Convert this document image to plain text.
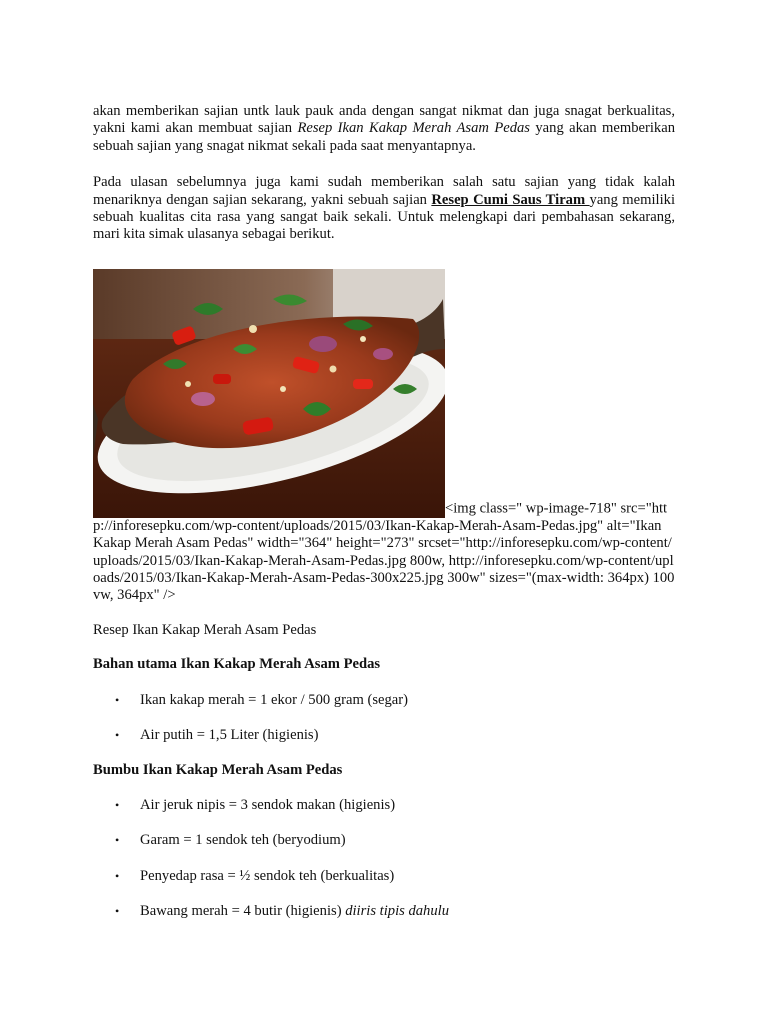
akan memberikan sajian untk lauk pauk anda dengan sangat nikmat dan juga snagat berkualitas, yakni kami akan membuat sajian Resep Ikan Kakap Merah Asam Pedas yang akan memberikan sebuah sajian yang snagat nikmat sekali pada saat menyantapnya.

Pada ulasan sebelumnya juga kami sudah memberikan salah satu sajian yang tidak kalah menariknya dengan sajian sekarang, yakni sebuah sajian Resep Cumi Saus Tiram yang memiliki sebuah kualitas cita rasa yang sangat baik sekali. Untuk melengkapi dari pembahasan sekarang, mari kita simak ulasanya sebagai berikut.

<img class=" wp-image-718" src="http://inforesepku.com/wp-content/uploads/2015/03/Ikan-Kakap-Merah-Asam-Pedas.jpg" alt="Ikan Kakap Merah Asam Pedas" width="364" height="273" srcset="http://inforesepku.com/wp-content/uploads/2015/03/Ikan-Kakap-Merah-Asam-Pedas.jpg 800w, http://inforesepku.com/wp-content/uploads/2015/03/Ikan-Kakap-Merah-Asam-Pedas-300x225.jpg 300w" sizes="(max-width: 364px) 100vw, 364px" />

Resep Ikan Kakap Merah Asam Pedas

Bahan utama Ikan Kakap Merah Asam Pedas

• Ikan kakap merah = 1 ekor / 500 gram (segar)
• Air putih = 1,5 Liter (higienis)

Bumbu Ikan Kakap Merah Asam Pedas

• Air jeruk nipis = 3 sendok makan (higienis)
• Garam = 1 sendok teh (beryodium)
• Penyedap rasa = ½ sendok teh (berkualitas)
• Bawang merah = 4 butir (higienis) diiris tipis dahulu
